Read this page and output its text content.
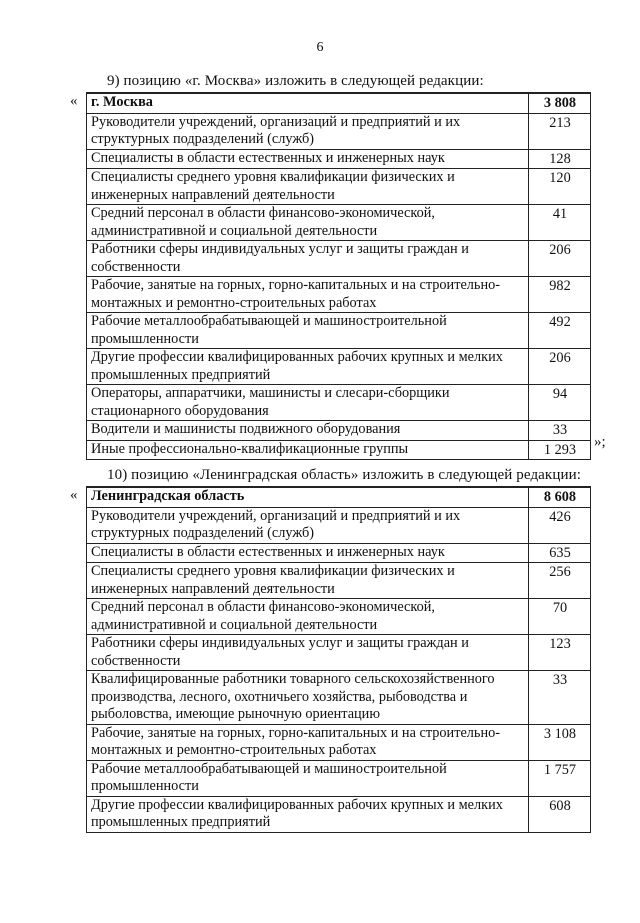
6
9) позицию «г. Москва» изложить в следующей редакции:
« г. Москва	3 808
Руководители учреждений, организаций и предприятий и их структурных подразделений (служб)	213
Специалисты в области естественных и инженерных наук	128
Специалисты среднего уровня квалификации физических и инженерных направлений деятельности	120
Средний персонал в области финансово-экономической, административной и социальной деятельности	41
Работники сферы индивидуальных услуг и защиты граждан и собственности	206
Рабочие, занятые на горных, горно-капитальных и на строительно-монтажных и ремонтно-строительных работах	982
Рабочие металлообрабатывающей и машиностроительной промышленности	492
Другие профессии квалифицированных рабочих крупных и мелких промышленных предприятий	206
Операторы, аппаратчики, машинисты и слесари-сборщики стационарного оборудования	94
Водители и машинисты подвижного оборудования	33
Иные профессионально-квалификационные группы	1 293 »;
10) позицию «Ленинградская область» изложить в следующей редакции:
« Ленинградская область	8 608
Руководители учреждений, организаций и предприятий и их структурных подразделений (служб)	426
Специалисты в области естественных и инженерных наук	635
Специалисты среднего уровня квалификации физических и инженерных направлений деятельности	256
Средний персонал в области финансово-экономической, административной и социальной деятельности	70
Работники сферы индивидуальных услуг и защиты граждан и собственности	123
Квалифицированные работники товарного сельскохозяйственного производства, лесного, охотничьего хозяйства, рыбоводства и рыболовства, имеющие рыночную ориентацию	33
Рабочие, занятые на горных, горно-капитальных и на строительно-монтажных и ремонтно-строительных работах	3 108
Рабочие металлообрабатывающей и машиностроительной промышленности	1 757
Другие профессии квалифицированных рабочих крупных и мелких промышленных предприятий	608
